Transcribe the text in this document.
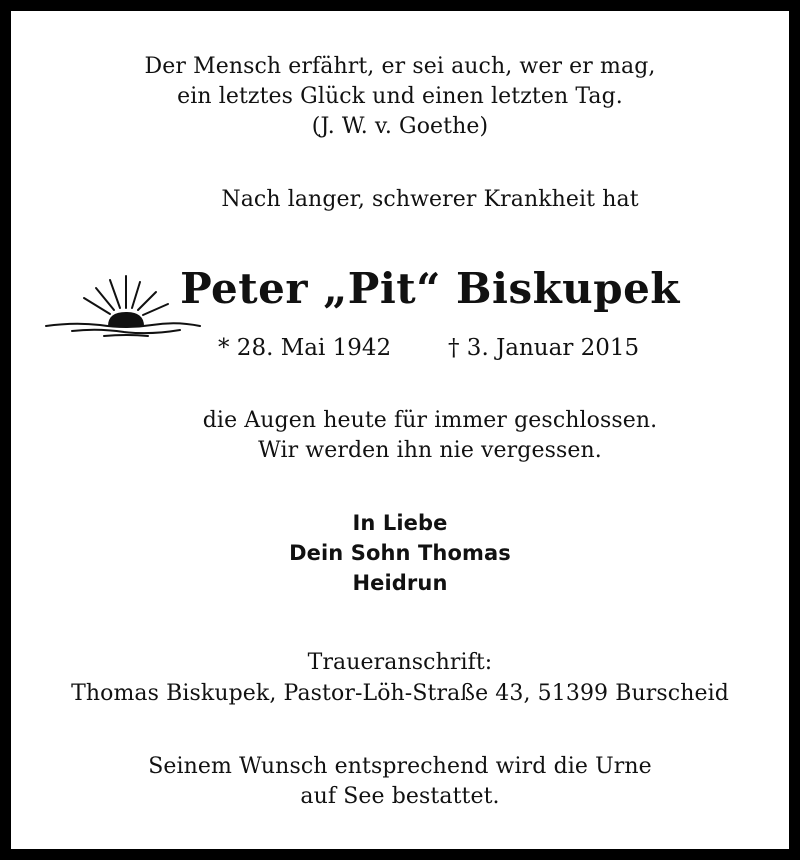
Der Mensch erfährt, er sei auch, wer er mag,
ein letztes Glück und einen letzten Tag.
(J. W. v. Goethe)
Nach langer, schwerer Krankheit hat
Peter „Pit“ Biskupek
* 28. Mai 1942 † 3. Januar 2015
die Augen heute für immer geschlossen.
Wir werden ihn nie vergessen.
In Liebe
Dein Sohn Thomas
Heidrun
Traueranschrift:
Thomas Biskupek, Pastor-Löh-Straße 43, 51399 Burscheid
Seinem Wunsch entsprechend wird die Urne
auf See bestattet.
